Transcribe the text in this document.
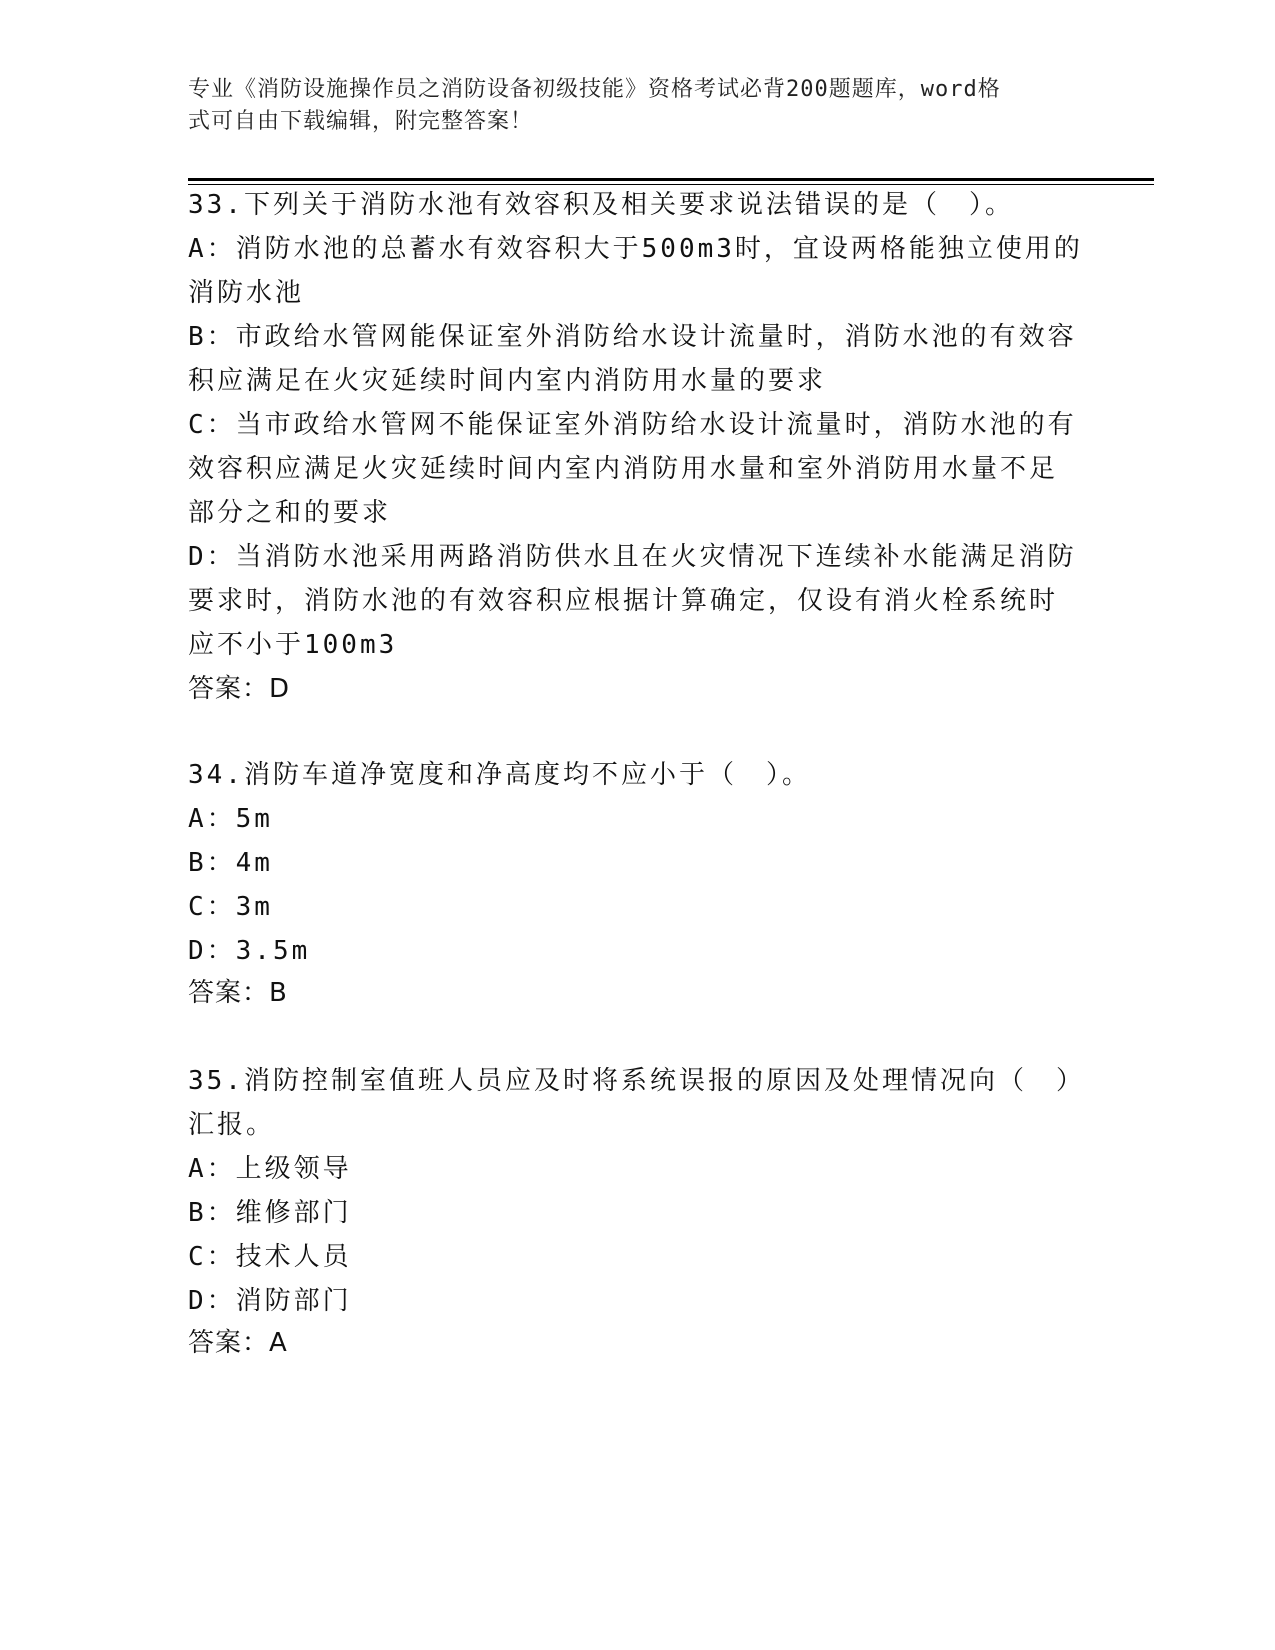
专业《消防设施操作员之消防设备初级技能》资格考试必背200题题库，word格
式可自由下载编辑，附完整答案！
33.下列关于消防水池有效容积及相关要求说法错误的是（　）。
A：消防水池的总蓄水有效容积大于500m3时，宜设两格能独立使用的
消防水池
B：市政给水管网能保证室外消防给水设计流量时，消防水池的有效容
积应满足在火灾延续时间内室内消防用水量的要求
C：当市政给水管网不能保证室外消防给水设计流量时，消防水池的有
效容积应满足火灾延续时间内室内消防用水量和室外消防用水量不足
部分之和的要求
D：当消防水池采用两路消防供水且在火灾情况下连续补水能满足消防
要求时，消防水池的有效容积应根据计算确定，仅设有消火栓系统时
应不小于100m3
答案：D
34.消防车道净宽度和净高度均不应小于（　）。
A：5m
B：4m
C：3m
D：3.5m
答案：B
35.消防控制室值班人员应及时将系统误报的原因及处理情况向（　）
汇报。
A：上级领导
B：维修部门
C：技术人员
D：消防部门
答案：A
